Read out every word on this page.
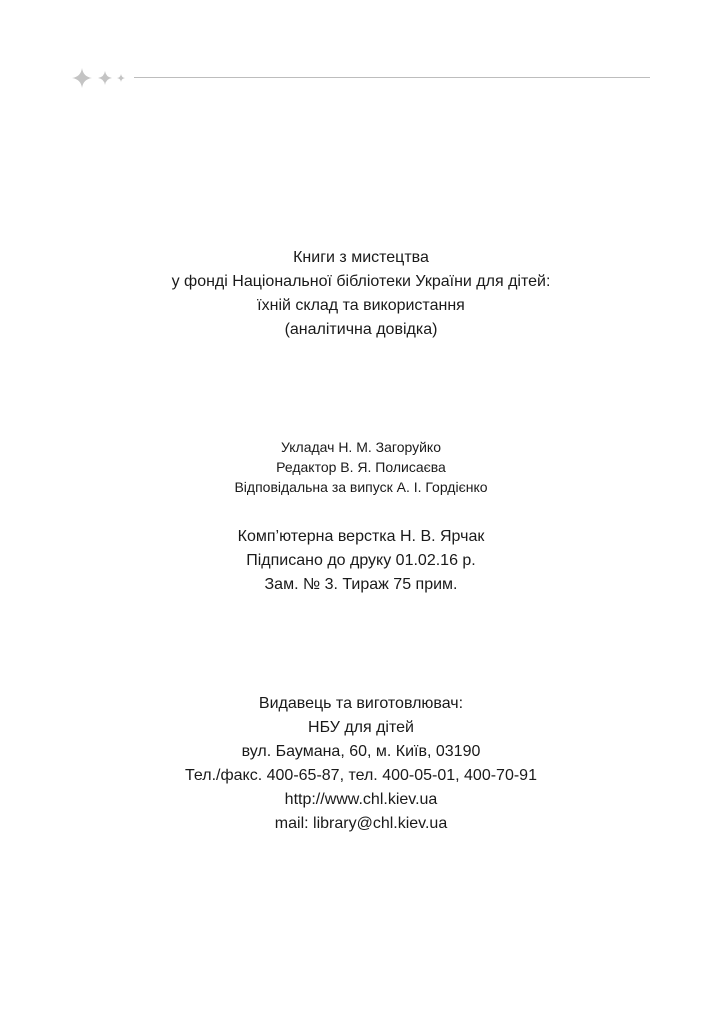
Книги з мистецтва
у фонді Національної бібліотеки України для дітей:
їхній склад та використання
(аналітична довідка)
Укладач Н. М. Загоруйко
Редактор В. Я. Полисаєва
Відповідальна за випуск А. І. Гордієнко
Комп’ютерна верстка Н. В. Ярчак
Підписано до друку 01.02.16 р.
Зам. № 3. Тираж 75 прим.
Видавець та виготовлювач:
НБУ для дітей
вул. Баумана, 60, м. Київ, 03190
Тел./факс. 400-65-87, тел. 400-05-01, 400-70-91
http://www.chl.kiev.ua
mail: library@chl.kiev.ua
